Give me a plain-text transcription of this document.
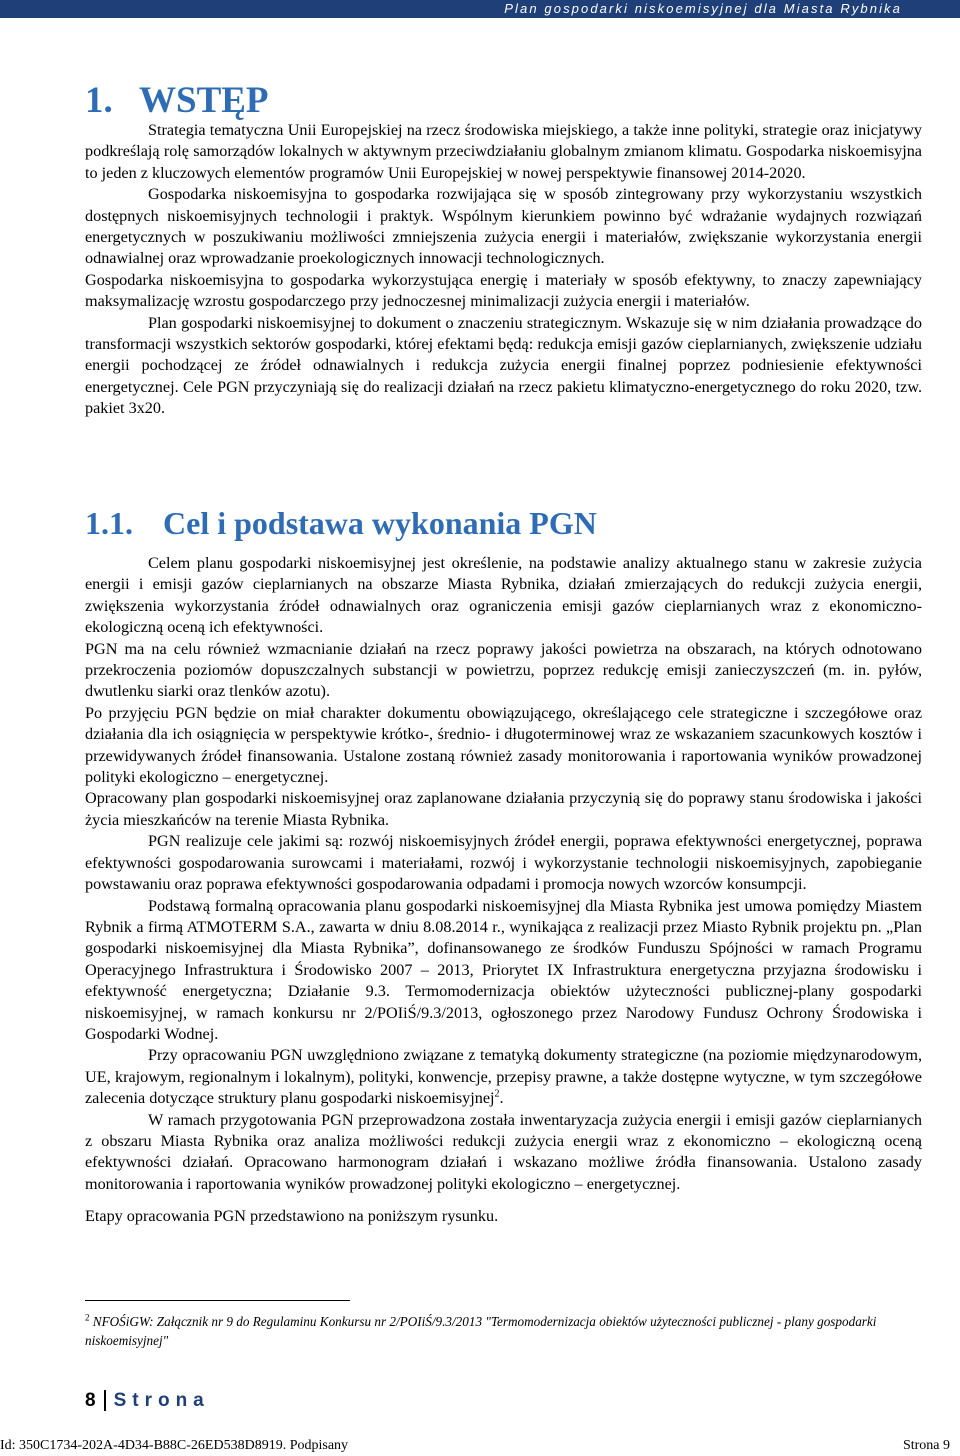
Plan gospodarki niskoemisyjnej dla Miasta Rybnika
1. WSTĘP

Strategia tematyczna Unii Europejskiej na rzecz środowiska miejskiego, a także inne polityki, strategie oraz inicjatywy podkreślają rolę samorządów lokalnych w aktywnym przeciwdziałaniu globalnym zmianom klimatu. Gospodarka niskoemisyjna to jeden z kluczowych elementów programów Unii Europejskiej w nowej perspektywie finansowej 2014-2020.

Gospodarka niskoemisyjna to gospodarka rozwijająca się w sposób zintegrowany przy wykorzystaniu wszystkich dostępnych niskoemisyjnych technologii i praktyk. Wspólnym kierunkiem powinno być wdrażanie wydajnych rozwiązań energetycznych w poszukiwaniu możliwości zmniejszenia zużycia energii i materiałów, zwiększanie wykorzystania energii odnawialnej oraz wprowadzanie proekologicznych innowacji technologicznych.

Gospodarka niskoemisyjna to gospodarka wykorzystująca energię i materiały w sposób efektywny, to znaczy zapewniający maksymalizację wzrostu gospodarczego przy jednoczesnej minimalizacji zużycia energii i materiałów.

Plan gospodarki niskoemisyjnej to dokument o znaczeniu strategicznym. Wskazuje się w nim działania prowadzące do transformacji wszystkich sektorów gospodarki, której efektami będą: redukcja emisji gazów cieplarnianych, zwiększenie udziału energii pochodzącej ze źródeł odnawialnych i redukcja zużycia energii finalnej poprzez podniesienie efektywności energetycznej. Cele PGN przyczyniają się do realizacji działań na rzecz pakietu klimatyczno-energetycznego do roku 2020, tzw. pakiet 3x20.

1.1. Cel i podstawa wykonania PGN

Celem planu gospodarki niskoemisyjnej jest określenie, na podstawie analizy aktualnego stanu w zakresie zużycia energii i emisji gazów cieplarnianych na obszarze Miasta Rybnika, działań zmierzających do redukcji zużycia energii, zwiększenia wykorzystania źródeł odnawialnych oraz ograniczenia emisji gazów cieplarnianych wraz z ekonomiczno-ekologiczną oceną ich efektywności.

PGN ma na celu również wzmacnianie działań na rzecz poprawy jakości powietrza na obszarach, na których odnotowano przekroczenia poziomów dopuszczalnych substancji w powietrzu, poprzez redukcję emisji zanieczyszczeń (m. in. pyłów, dwutlenku siarki oraz tlenków azotu).

Po przyjęciu PGN będzie on miał charakter dokumentu obowiązującego, określającego cele strategiczne i szczegółowe oraz działania dla ich osiągnięcia w perspektywie krótko-, średnio- i długoterminowej wraz ze wskazaniem szacunkowych kosztów i przewidywanych źródeł finansowania. Ustalone zostaną również zasady monitorowania i raportowania wyników prowadzonej polityki ekologiczno – energetycznej.

Opracowany plan gospodarki niskoemisyjnej oraz zaplanowane działania przyczynią się do poprawy stanu środowiska i jakości życia mieszkańców na terenie Miasta Rybnika.

PGN realizuje cele jakimi są: rozwój niskoemisyjnych źródeł energii, poprawa efektywności energetycznej, poprawa efektywności gospodarowania surowcami i materiałami, rozwój i wykorzystanie technologii niskoemisyjnych, zapobieganie powstawaniu oraz poprawa efektywności gospodarowania odpadami i promocja nowych wzorców konsumpcji.

Podstawą formalną opracowania planu gospodarki niskoemisyjnej dla Miasta Rybnika jest umowa pomiędzy Miastem Rybnik a firmą ATMOTERM S.A., zawarta w dniu 8.08.2014 r., wynikająca z realizacji przez Miasto Rybnik projektu pn. „Plan gospodarki niskoemisyjnej dla Miasta Rybnika”, dofinansowanego ze środków Funduszu Spójności w ramach Programu Operacyjnego Infrastruktura i Środowisko 2007 – 2013, Priorytet IX Infrastruktura energetyczna przyjazna środowisku i efektywność energetyczna; Działanie 9.3. Termomodernizacja obiektów użyteczności publicznej-plany gospodarki niskoemisyjnej, w ramach konkursu nr 2/POIiŚ/9.3/2013, ogłoszonego przez Narodowy Fundusz Ochrony Środowiska i Gospodarki Wodnej.

Przy opracowaniu PGN uwzględniono związane z tematyką dokumenty strategiczne (na poziomie międzynarodowym, UE, krajowym, regionalnym i lokalnym), polityki, konwencje, przepisy prawne, a także dostępne wytyczne, w tym szczegółowe zalecenia dotyczące struktury planu gospodarki niskoemisyjnej$^2$.

W ramach przygotowania PGN przeprowadzona została inwentaryzacja zużycia energii i emisji gazów cieplarnianych z obszaru Miasta Rybnika oraz analiza możliwości redukcji zużycia energii wraz z ekonomiczno – ekologiczną oceną efektywności działań. Opracowano harmonogram działań i wskazano możliwe źródła finansowania. Ustalono zasady monitorowania i raportowania wyników prowadzonej polityki ekologiczno – energetycznej.

Etapy opracowania PGN przedstawiono na poniższym rysunku.

$^2$ NFOŚiGW: Załącznik nr 9 do Regulaminu Konkursu nr 2/POIiŚ/9.3/2013 "Termomodernizacja obiektów użyteczności publicznej - plany gospodarki niskoemisyjnej"
8 Strona
Id: 350C1734-202A-4D34-B88C-26ED538D8919. Podpisany	Strona 9
